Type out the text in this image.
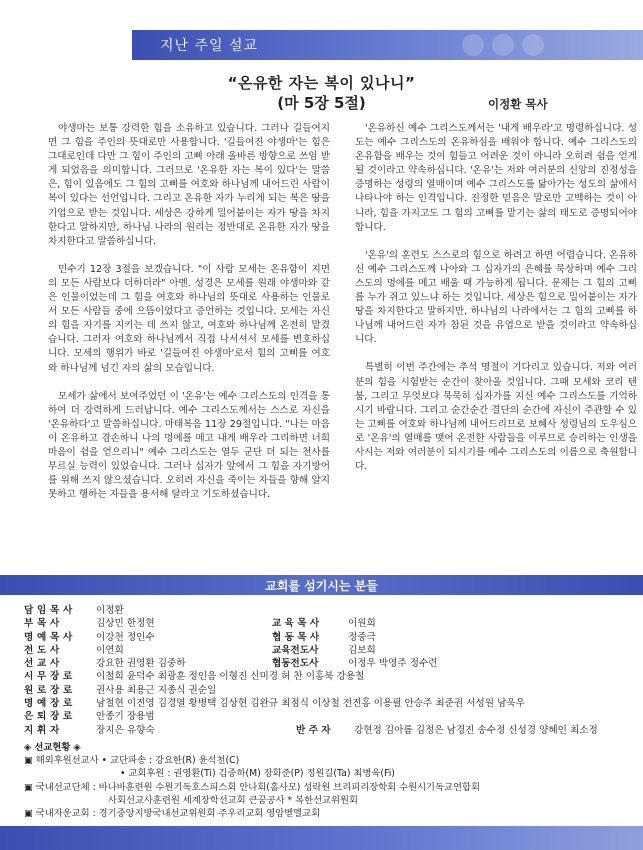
지난 주일 설교
“온유한 자는 복이 있나니”
(마 5장 5절)	이정환 목사

야생마는 보통 강력한 힘을 소유하고 있습니다. 그러나 길들여지면 그 힘을 주인의 뜻대로만 사용합니다. '길들여진 야생마'는 힘은 그대로인데 다만 그 힘이 주인의 고삐 아래 올바른 방향으로 쓰임 받게 되었음을 의미합니다. 그러므로 '온유한 자는 복이 있다'는 말씀은, 힘이 있음에도 그 힘의 고삐를 여호와 하나님께 내어드린 사람이 복이 있다는 선언입니다. 그리고 온유한 자가 누리게 되는 복은 땅을 기업으로 받는 것입니다. 세상은 강하게 밀어붙이는 자가 땅을 차지한다고 말하지만, 하나님 나라의 원리는 정반대로 온유한 자가 땅을 차지한다고 말씀하십니다.

민수기 12장 3절을 보겠습니다. "이 사람 모세는 온유함이 지면의 모든 사람보다 더하더라" 아멘. 성경은 모세를 원래 야생마와 같은 인물이었는데 그 힘을 여호와 하나님의 뜻대로 사용하는 인물로서 모든 사람들 중에 으뜸이었다고 증언하는 것입니다. 모세는 자신의 힘을 자기를 지키는 데 쓰지 않고, 여호와 하나님께 온전히 맡겼습니다. 그러자 여호와 하나님께서 직접 나서셔서 모세를 변호하십니다. 모세의 행위가 바로 '길들여진 야생마'로서 힘의 고삐를 여호와 하나님께 넘긴 자의 삶의 모습입니다.

모세가 삶에서 보여주었던 이 '온유'는 예수 그리스도의 인격을 통하여 더 강력하게 드러납니다. 예수 그리스도께서는 스스로 자신을 '온유하다'고 말씀하십니다. 마태복음 11장 29절입니다. "나는 마음이 온유하고 겸손하니 나의 멍에를 메고 내게 배우라 그리하면 너희 마음이 쉼을 얻으리니" 예수 그리스도는 열두 군단 더 되는 천사를 부르실 능력이 있었습니다. 그러나 십자가 앞에서 그 힘을 자기방어를 위해 쓰지 않으셨습니다. 오히려 자신을 죽이는 자들을 향해 알지 못하고 행하는 자들을 용서해 달라고 기도하셨습니다.

'온유하신 예수 그리스도께서는 '내게 배우라'고 명령하십니다. 성도는 예수 그리스도의 온유하심을 배워야 합니다. 예수 그리스도의 온유함을 배우는 것이 힘들고 어려운 것이 아니라 오히려 쉼을 얻게 될 것이라고 약속하십니다. '온유'는 저와 여러분의 신앙의 진정성을 증명하는 성령의 열매이며 예수 그리스도를 닮아가는 성도의 삶에서 나타나야 하는 인격입니다. 진정한 믿음은 말로만 고백하는 것이 아니라, 힘을 가지고도 그 힘의 고삐를 맡기는 삶의 태도로 증명되어야 합니다.

'온유'의 훈련도 스스로의 힘으로 하려고 하면 어렵습니다. 온유하신 예수 그리스도께 나아와 그 십자가의 은혜를 묵상하며 예수 그리스도의 멍에를 메고 배울 때 가능하게 됩니다. 문제는 그 힘의 고삐를 누가 쥐고 있느냐 하는 것입니다. 세상은 힘으로 밀어붙이는 자가 땅을 차지한다고 말하지만, 하나님의 나라에서는 그 힘의 고삐를 하나님께 내어드린 자가 참된 것을 유업으로 받을 것이라고 약속하십니다.

특별히 이번 주간에는 추석 명절이 기다리고 있습니다. 저와 여러분의 힘을 시험받는 순간이 찾아올 것입니다. 그때 모세와 코리 텐 붐, 그리고 무엇보다 묵묵히 십자가를 지신 예수 그리스도를 기억하시기 바랍니다. 그리고 순간순간 결단의 순간에 자신이 주관할 수 있는 고삐를 여호와 하나님께 내어드리므로 보혜사 성령님의 도우심으로 '온유'의 열매를 맺어 온전한 사람들을 이루므로 승리하는 인생을 사시는 저와 여러분이 되시기를 예수 그리스도의 이름으로 축원합니다.

교회를 섬기시는 분들
담 임 목 사	이정환
부 목 사	김상민 한정현	교 육 목 사	이원희
명 예 목 사	이강천 정인수	협 동 목 사	정중극
전 도 사	이연희	교육전도사	김보희
선 교 사	강요한 권영환 김중하	협동전도사	이정우 박영주 정수련
시 무 장 로	이철희 윤덕수 최광훈 정인음 이형진 신미경 허 찬 이홍북 강용철
원 로 장 로	권사용 최용근 지종식 권순일
명 예 장 로	남철현 이진영 김경열 황병택 김상현 김완규 최점식 이상철 전진홍 이용필 안승주 최준권 서성원 남욱우
은 퇴 장 로	안종기 장용범
지 휘 자	장지은 유향숙	반 주 자	강현정 김아름 김정은 남경진 송수정 신성경 양혜인 최소정
◈ 선교현황 ◈
▣ 해외후원선교사 • 교단파송 : 강요한(R) 윤석천(C)
• 교회후원 : 권영환(Ti) 김중하(M) 장화준(P) 정원길(Ta) 최병욱(Fi)
▣ 국내선교단체 : 바나바훈련원 수원기독호스피스회 안나회(홀사모) 성락원 브리피리장학회 수원시기독교연합회
사회선교사훈련원 세계장학선교회 큰꿈공사 * 복한선교위원회
▣ 국내자운교회 : 경기중앙지방국내선교위원회 주우리교회 영암벧엘교회
